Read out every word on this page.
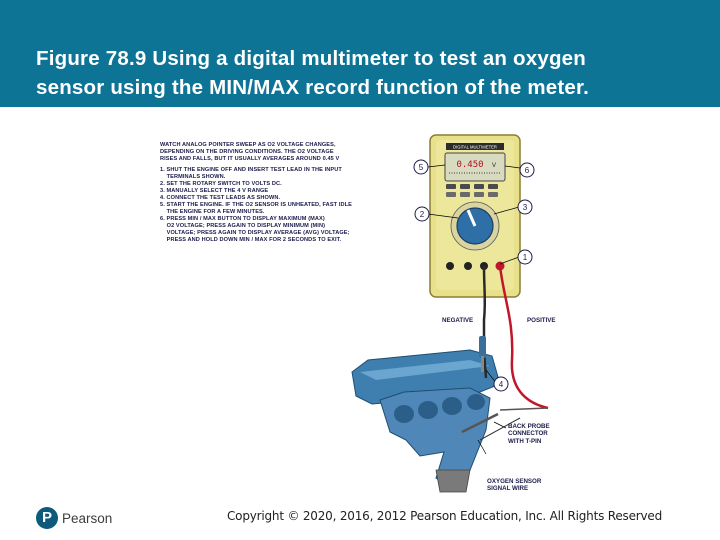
Figure 78.9 Using a digital multimeter to test an oxygen
sensor using the MIN/MAX record function of the meter.
DIGITAL MULTIMETER
0.450 V
1
2
3
4
5	6
WATCH ANALOG POINTER SWEEP AS O2 VOLTAGE CHANGES,
DEPENDING ON THE DRIVING CONDITIONS. THE O2 VOLTAGE
RISES AND FALLS, BUT IT USUALLY AVERAGES AROUND 0.45 V
1. SHUT THE ENGINE OFF AND INSERT TEST LEAD IN THE INPUT
TERMINALS SHOWN.
2. SET THE ROTARY SWITCH TO VOLTS DC.
3. MANUALLY SELECT THE 4 V RANGE
4. CONNECT THE TEST LEADS AS SHOWN.
5. START THE ENGINE. IF THE O2 SENSOR IS UNHEATED, FAST IDLE
THE ENGINE FOR A FEW MINUTES.
6. PRESS MIN / MAX BUTTON TO DISPLAY MAXIMUM (MAX)
O2 VOLTAGE; PRESS AGAIN TO DISPLAY MINIMUM (MIN)
VOLTAGE; PRESS AGAIN TO DISPLAY AVERAGE (AVG) VOLTAGE;
PRESS AND HOLD DOWN MIN / MAX FOR 2 SECONDS TO EXIT.
NEGATIVE	POSITIVE
BACK PROBE
CONNECTOR
WITH T-PIN
OXYGEN SENSOR
SIGNAL WIRE
P Pearson	Copyright © 2020, 2016, 2012 Pearson Education, Inc. All Rights Reserved
